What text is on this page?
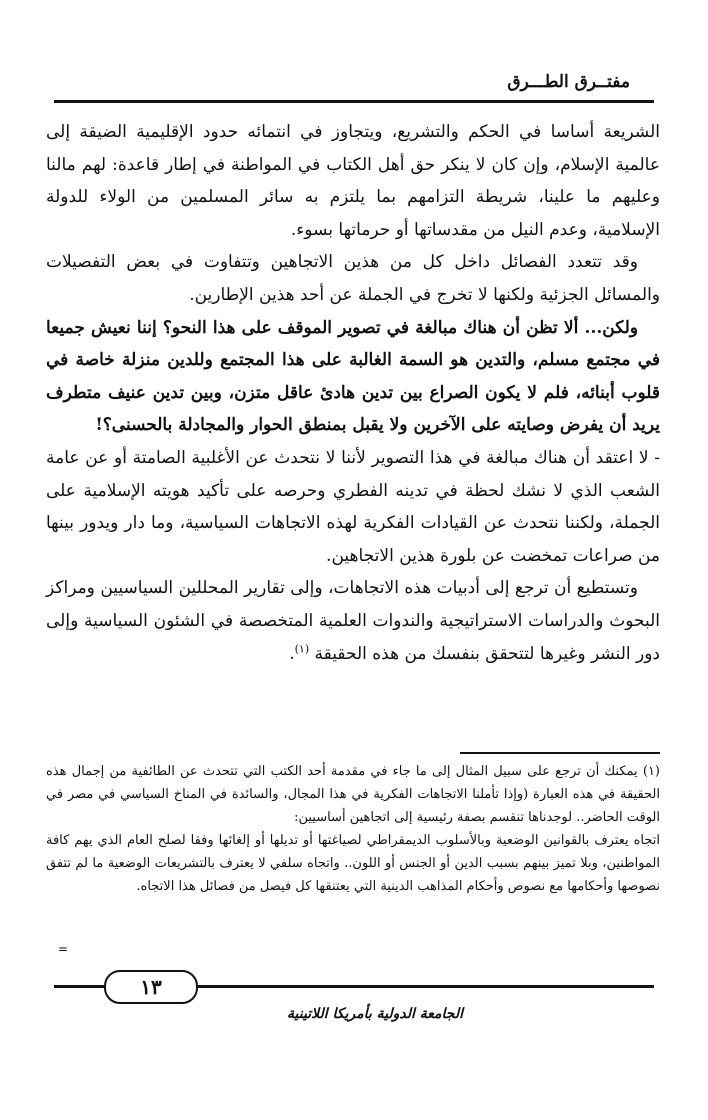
مفتــرق الطـــرق

الشريعة أساسا في الحكم والتشريع، ويتجاوز في انتمائه حدود الإقليمية الضيقة إلى عالمية الإسلام، وإن كان لا ينكر حق أهل الكتاب في المواطنة في إطار قاعدة: لهم مالنا وعليهم ما علينا، شريطة التزامهم بما يلتزم به سائر المسلمين من الولاء للدولة الإسلامية، وعدم النيل من مقدساتها أو حرماتها بسوء.

وقد تتعدد الفصائل داخل كل من هذين الاتجاهين وتتفاوت في بعض التفصيلات والمسائل الجزئية ولكنها لا تخرج في الجملة عن أحد هذين الإطارين.

ولكن... ألا تظن أن هناك مبالغة في تصوير الموقف على هذا النحو؟ إننا نعيش جميعا في مجتمع مسلم، والتدين هو السمة الغالبة على هذا المجتمع وللدين منزلة خاصة في قلوب أبنائه، فلم لا يكون الصراع بين تدين هادئ عاقل متزن، وبين تدين عنيف متطرف يريد أن يفرض وصايته على الآخرين ولا يقبل بمنطق الحوار والمجادلة بالحسنى؟!

- لا اعتقد أن هناك مبالغة في هذا التصوير لأننا لا نتحدث عن الأغلبية الصامتة أو عن عامة الشعب الذي لا نشك لحظة في تدينه الفطري وحرصه على تأكيد هويته الإسلامية على الجملة، ولكننا نتحدث عن القيادات الفكرية لهذه الاتجاهات السياسية، وما دار ويدور بينها من صراعات تمخضت عن بلورة هذين الاتجاهين.

وتستطيع أن ترجع إلى أدبيات هذه الاتجاهات، وإلى تقارير المحللين السياسيين ومراكز البحوث والدراسات الاستراتيجية والندوات العلمية المتخصصة في الشئون السياسية وإلى دور النشر وغيرها لتتحقق بنفسك من هذه الحقيقة $^{(١)}$.

(١) يمكنك أن ترجع على سبيل المثال إلى ما جاء في مقدمة أحد الكتب التي تتحدث عن الطائفية من إجمال هذه الحقيقة في هذه العبارة (وإذا تأملنا الاتجاهات الفكرية في هذا المجال، والسائدة في المناخ السياسي في مصر في الوقت الحاضر.. لوجدناها تنقسم بصفة رئيسية إلى اتجاهين أساسيين:

اتجاه يعترف بالقوانين الوضعية وبالأسلوب الديمقراطي لصياغتها أو تديلها أو إلغائها وفقا لصلح العام الذي يهم كافة المواطنين، وبلا تميز بينهم بسبب الدين أو الجنس أو اللون.. واتجاه سلفي لا يعترف بالتشريعات الوضعية ما لم تتفق نصوصها وأحكامها مع نصوص وأحكام المذاهب الدينية التي يعتنقها كل فيصل من فصائل هذا الاتجاه.

=
١٣
الجامعة الدولية بأمريكا اللاتينية
